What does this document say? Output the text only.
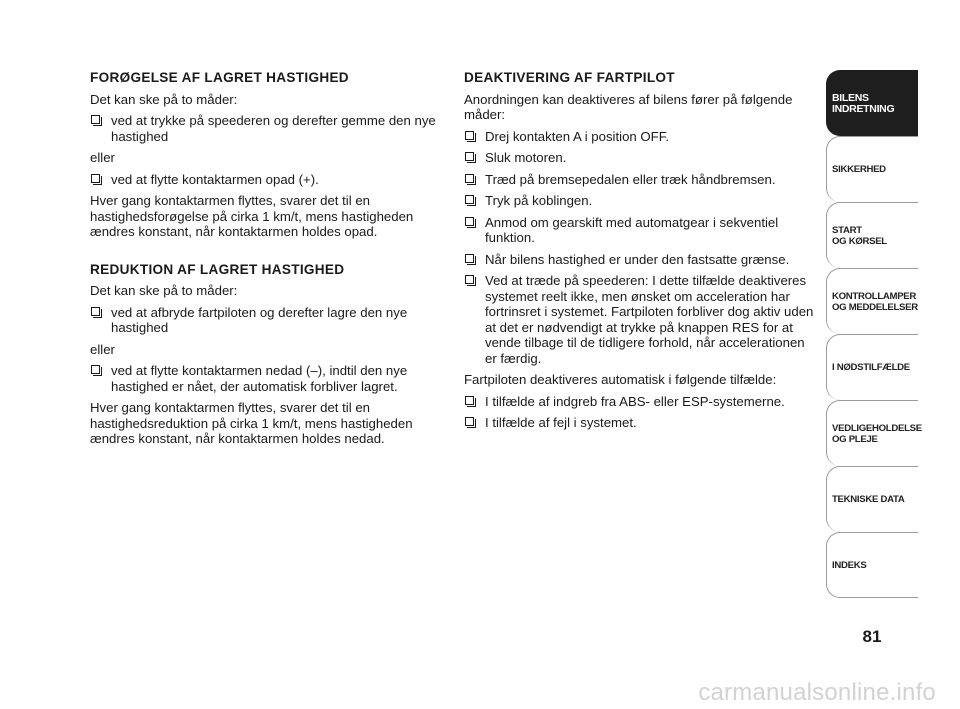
FORØGELSE AF LAGRET HASTIGHED
Det kan ske på to måder:
ved at trykke på speederen og derefter gemme den nye hastighed
eller
ved at flytte kontaktarmen opad (+).
Hver gang kontaktarmen flyttes, svarer det til en hastighedsforøgelse på cirka 1 km/t, mens hastigheden ændres konstant, når kontaktarmen holdes opad.
REDUKTION AF LAGRET HASTIGHED
Det kan ske på to måder:
ved at afbryde fartpiloten og derefter lagre den nye hastighed
eller
ved at flytte kontaktarmen nedad (–), indtil den nye hastighed er nået, der automatisk forbliver lagret.
Hver gang kontaktarmen flyttes, svarer det til en hastighedsreduktion på cirka 1 km/t, mens hastigheden ændres konstant, når kontaktarmen holdes nedad.
DEAKTIVERING AF FARTPILOT
Anordningen kan deaktiveres af bilens fører på følgende måder:
Drej kontakten A i position OFF.
Sluk motoren.
Træd på bremsepedalen eller træk håndbremsen.
Tryk på koblingen.
Anmod om gearskift med automatgear i sekventiel funktion.
Når bilens hastighed er under den fastsatte grænse.
Ved at træde på speederen: I dette tilfælde deaktiveres systemet reelt ikke, men ønsket om acceleration har fortrinsret i systemet. Fartpiloten forbliver dog aktiv uden at det er nødvendigt at trykke på knappen RES for at vende tilbage til de tidligere forhold, når accelerationen er færdig.
Fartpiloten deaktiveres automatisk i følgende tilfælde:
I tilfælde af indgreb fra ABS- eller ESP-systemerne.
I tilfælde af fejl i systemet.
BILENS
INDRETNING
SIKKERHED
START
OG KØRSEL
KONTROLLAMPER
OG MEDDELELSER
I NØDSTILFÆLDE
VEDLIGEHOLDELSE
OG PLEJE
TEKNISKE DATA
INDEKS
81
carmanualsonline.info
